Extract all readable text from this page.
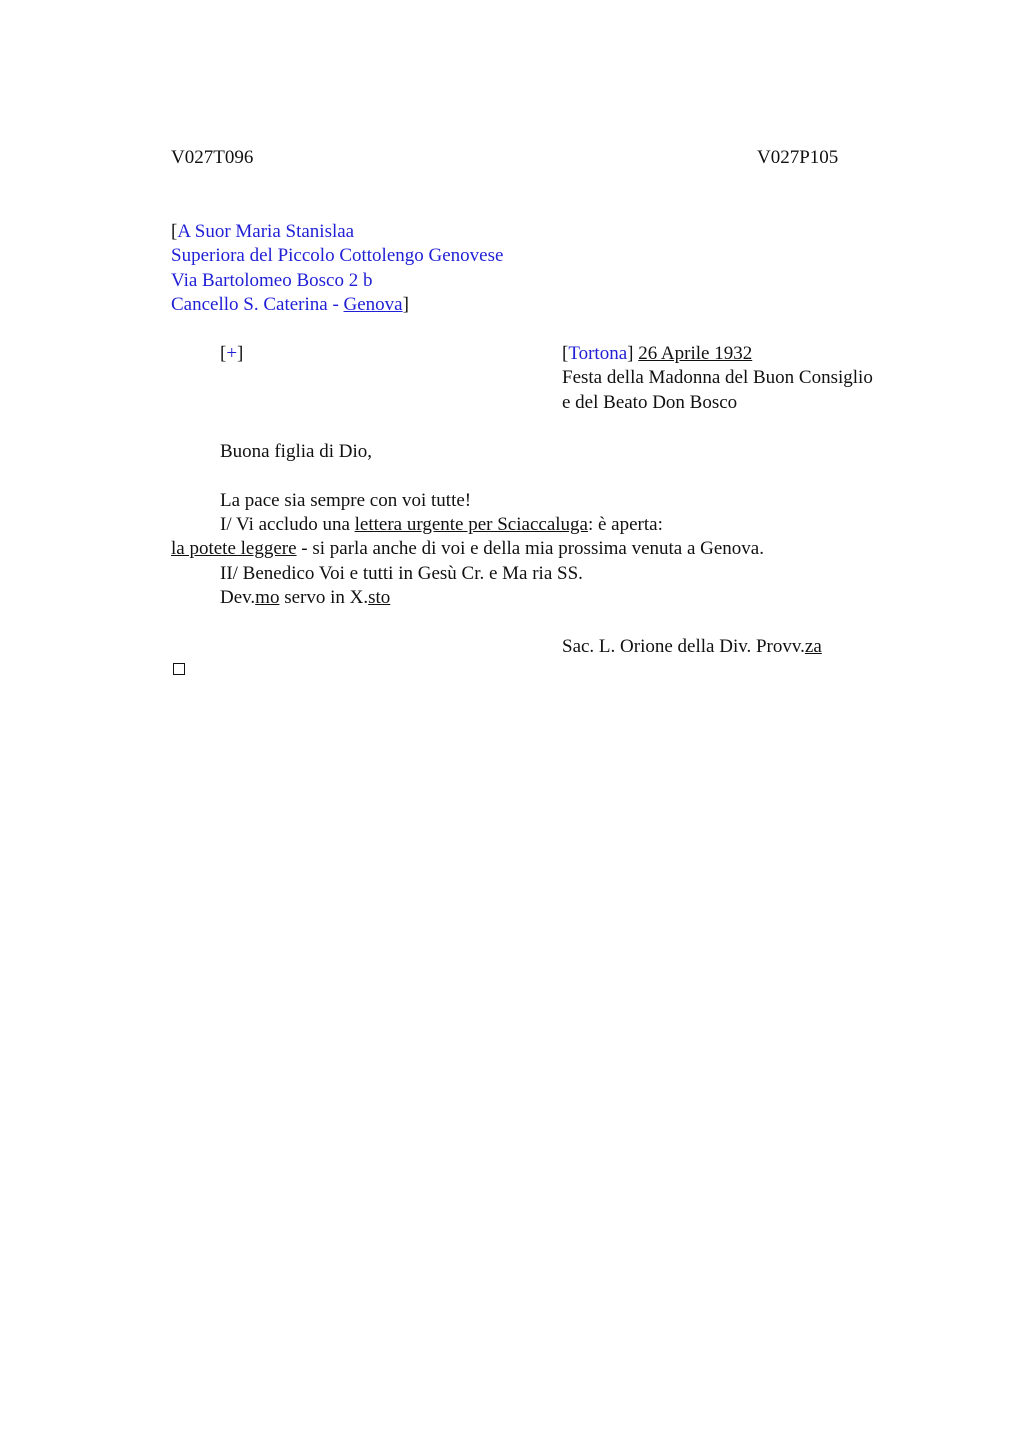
V027T096	V027P105
[A Suor Maria Stanislaa
Superiora del Piccolo Cottolengo Genovese
Via Bartolomeo Bosco 2 b
Cancello S. Caterina - Genova]
[+]	[Tortona] 26 Aprile 1932
Festa della Madonna del Buon Consiglio
e del Beato Don Bosco
Buona figlia di Dio,
La pace sia sempre con voi tutte!
I/ Vi accludo una lettera urgente per Sciaccaluga: è aperta:
la potete leggere - si parla anche di voi e della mia prossima venuta a Genova.
II/ Benedico Voi e tutti in Gesù Cr. e Ma ria SS.
Dev.mo servo in X.sto
Sac. L. Orione della Div. Provv.za
